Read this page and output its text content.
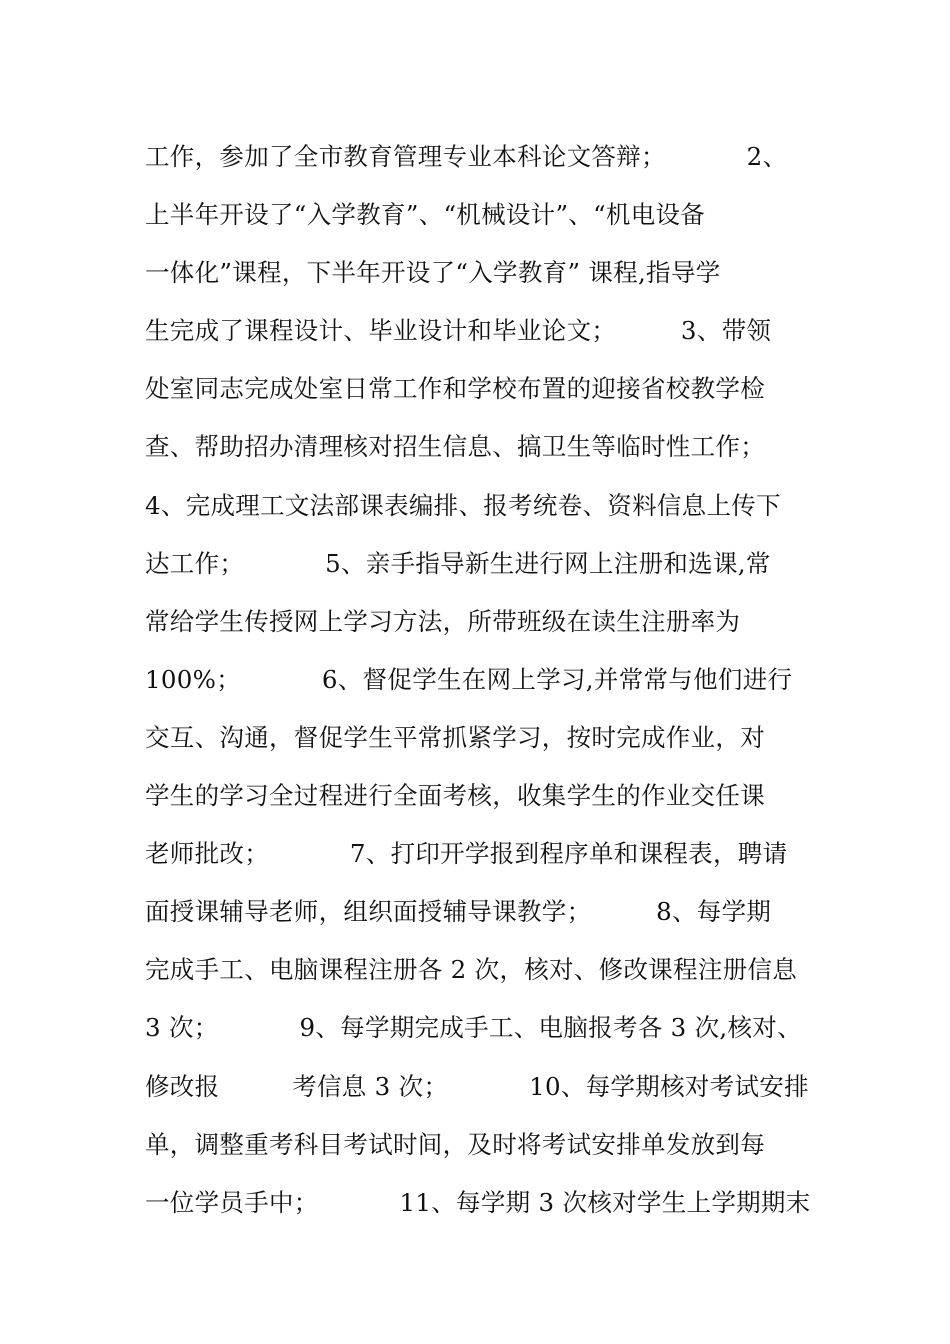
工作，参加了全市教育管理专业本科论文答辩；          2、
上半年开设了“入学教育”、“机械设计”、“机电设备
一体化”课程，下半年开设了“入学教育” 课程,指导学
生完成了课程设计、毕业设计和毕业论文；        3、带领
处室同志完成处室日常工作和学校布置的迎接省校教学检
查、帮助招办清理核对招生信息、搞卫生等临时性工作；
4、完成理工文法部课表编排、报考统卷、资料信息上传下
达工作；          5、亲手指导新生进行网上注册和选课,常
常给学生传授网上学习方法，所带班级在读生注册率为
100%；          6、督促学生在网上学习,并常常与他们进行
交互、沟通，督促学生平常抓紧学习，按时完成作业，对
学生的学习全过程进行全面考核，收集学生的作业交任课
老师批改；          7、打印开学报到程序单和课程表，聘请
面授课辅导老师，组织面授辅导课教学；        8、每学期
完成手工、电脑课程注册各 2 次，核对、修改课程注册信息
3 次；          9、每学期完成手工、电脑报考各 3 次,核对、
修改报         考信息 3 次；          10、每学期核对考试安排
单，调整重考科目考试时间，及时将考试安排单发放到每
一位学员手中；          11、每学期 3 次核对学生上学期期末
